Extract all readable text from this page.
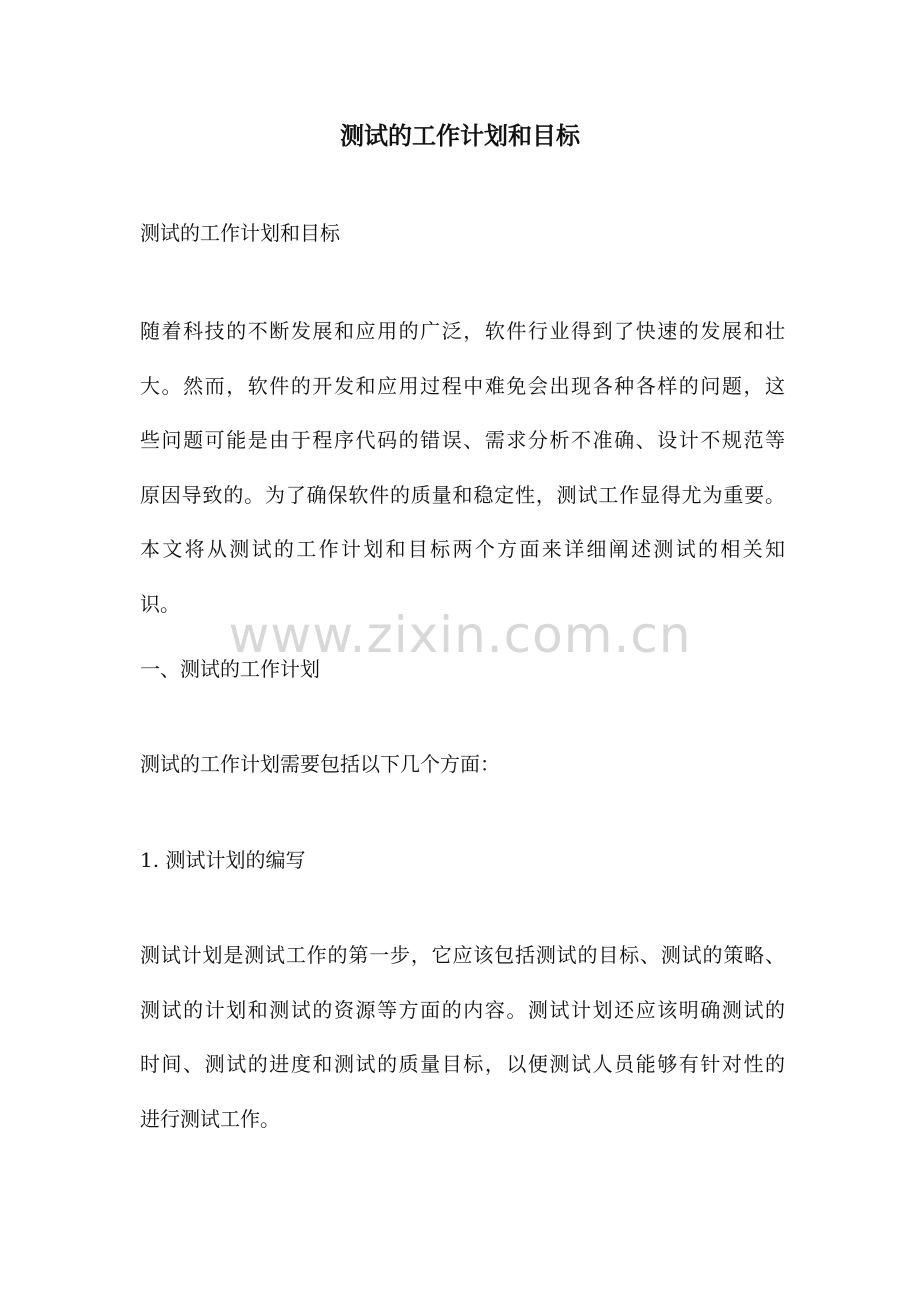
测试的工作计划和目标
测试的工作计划和目标
随着科技的不断发展和应用的广泛，软件行业得到了快速的发展和壮
大。然而，软件的开发和应用过程中难免会出现各种各样的问题，这
些问题可能是由于程序代码的错误、需求分析不准确、设计不规范等
原因导致的。为了确保软件的质量和稳定性，测试工作显得尤为重要。
本文将从测试的工作计划和目标两个方面来详细阐述测试的相关知
识。
一、测试的工作计划
测试的工作计划需要包括以下几个方面：
1. 测试计划的编写
测试计划是测试工作的第一步，它应该包括测试的目标、测试的策略、
测试的计划和测试的资源等方面的内容。测试计划还应该明确测试的
时间、测试的进度和测试的质量目标，以便测试人员能够有针对性的
进行测试工作。
www.zixin.com.cn
